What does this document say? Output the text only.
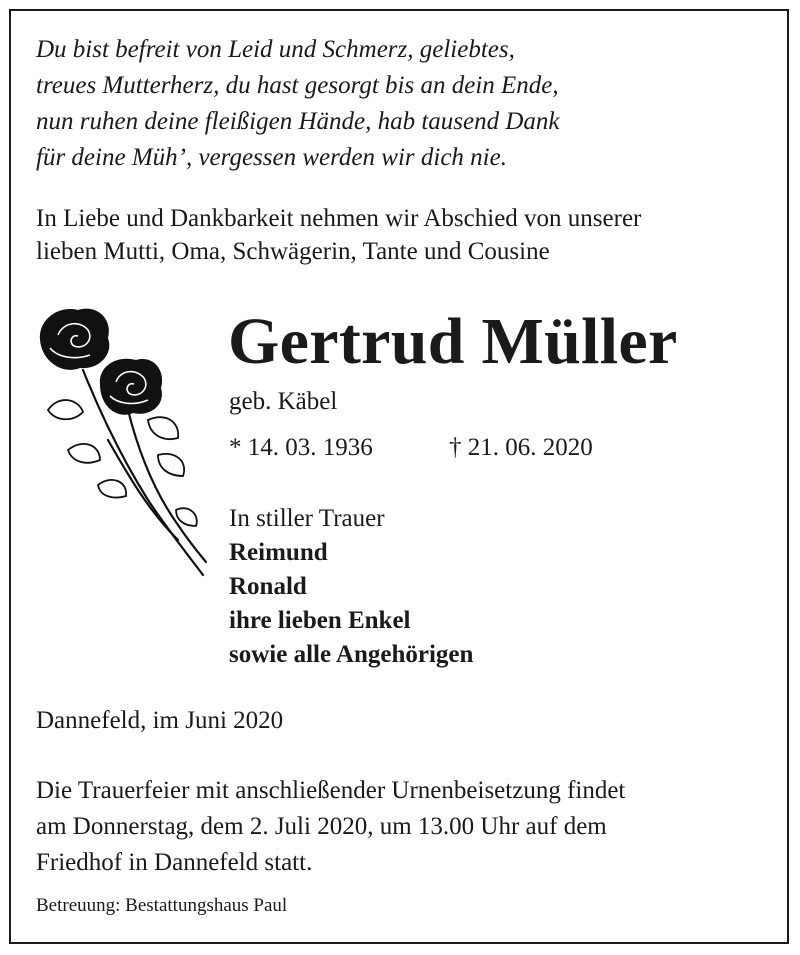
Du bist befreit von Leid und Schmerz, geliebtes,
treues Mutterherz, du hast gesorgt bis an dein Ende,
nun ruhen deine fleißigen Hände, hab tausend Dank
für deine Müh’, vergessen werden wir dich nie.
In Liebe und Dankbarkeit nehmen wir Abschied von unserer
lieben Mutti, Oma, Schwägerin, Tante und Cousine
Gertrud Müller
geb. Käbel
* 14. 03. 1936	† 21. 06. 2020
In stiller Trauer
Reimund
Ronald
ihre lieben Enkel
sowie alle Angehörigen
Dannefeld, im Juni 2020
Die Trauerfeier mit anschließender Urnenbeisetzung findet
am Donnerstag, dem 2. Juli 2020, um 13.00 Uhr auf dem
Friedhof in Dannefeld statt.
Betreuung: Bestattungshaus Paul
